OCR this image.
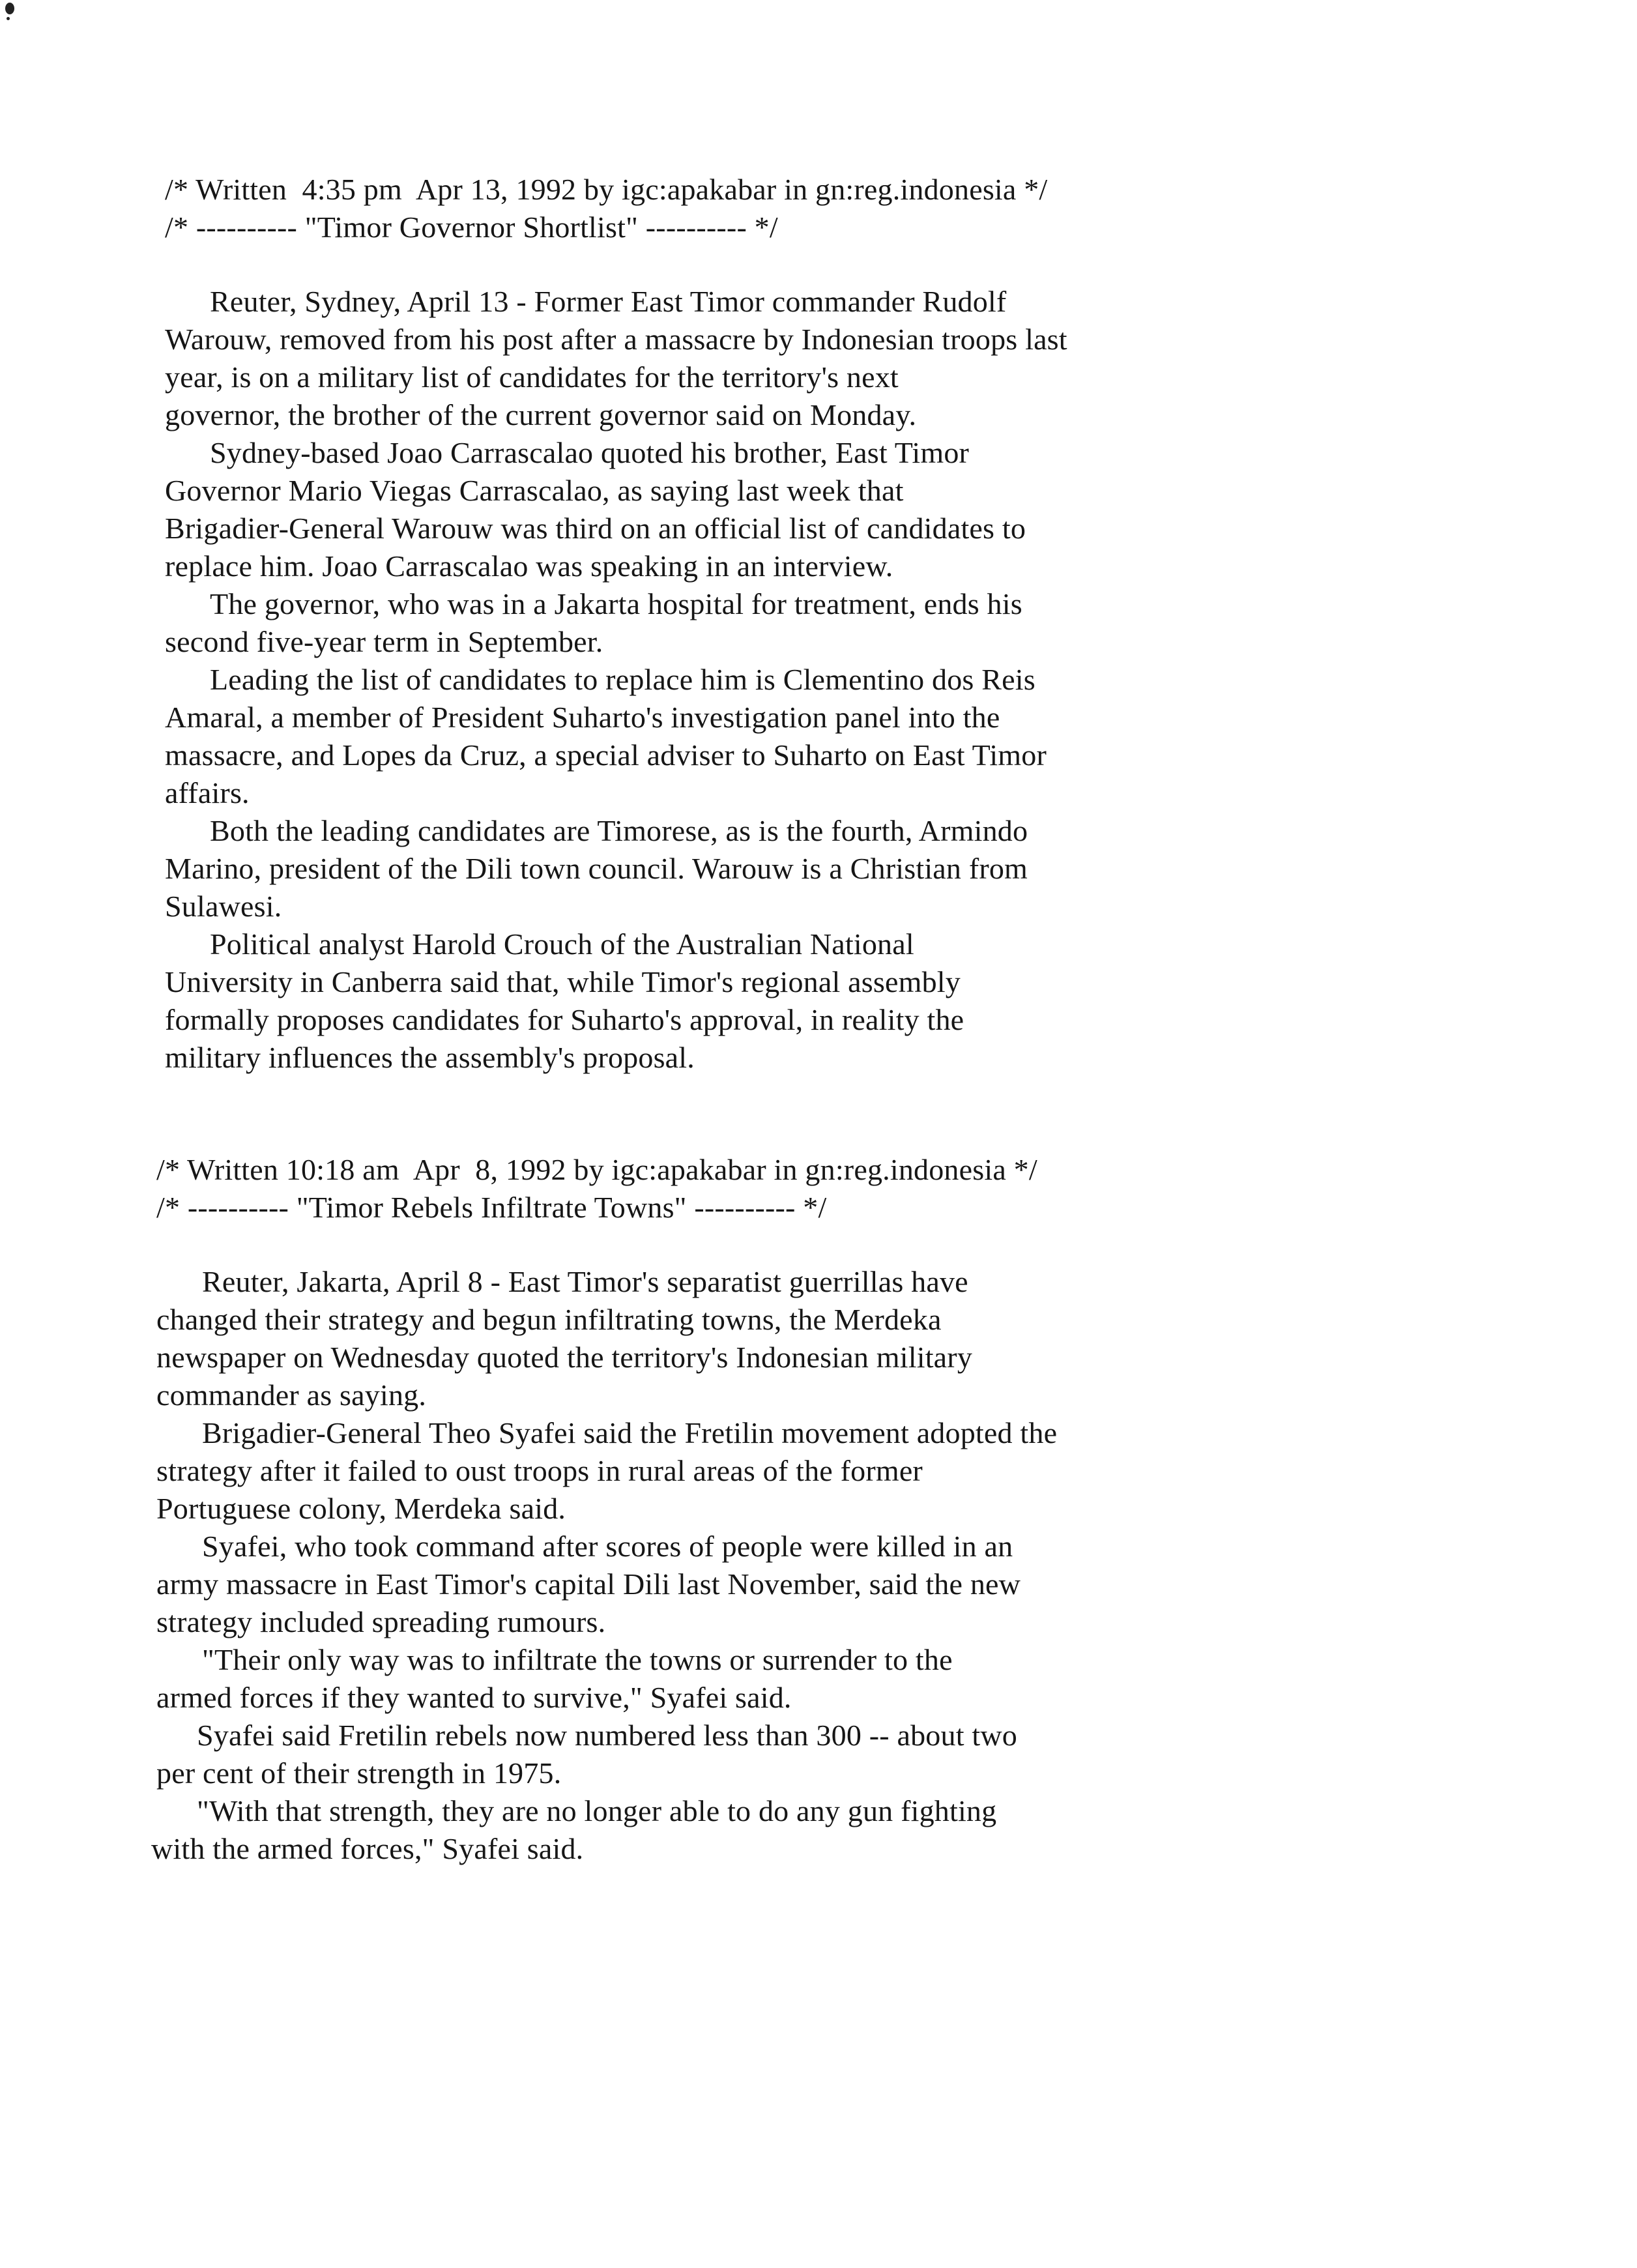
/* Written  4:35 pm  Apr 13, 1992 by igc:apakabar in gn:reg.indonesia */
/* ---------- "Timor Governor Shortlist" ---------- */
Reuter, Sydney, April 13 - Former East Timor commander Rudolf
Warouw, removed from his post after a massacre by Indonesian troops last
year, is on a military list of candidates for the territory's next
governor, the brother of the current governor said on Monday.
Sydney-based Joao Carrascalao quoted his brother, East Timor
Governor Mario Viegas Carrascalao, as saying last week that
Brigadier-General Warouw was third on an official list of candidates to
replace him. Joao Carrascalao was speaking in an interview.
The governor, who was in a Jakarta hospital for treatment, ends his
second five-year term in September.
Leading the list of candidates to replace him is Clementino dos Reis
Amaral, a member of President Suharto's investigation panel into the
massacre, and Lopes da Cruz, a special adviser to Suharto on East Timor
affairs.
Both the leading candidates are Timorese, as is the fourth, Armindo
Marino, president of the Dili town council. Warouw is a Christian from
Sulawesi.
Political analyst Harold Crouch of the Australian National
University in Canberra said that, while Timor's regional assembly
formally proposes candidates for Suharto's approval, in reality the
military influences the assembly's proposal.
/* Written 10:18 am  Apr  8, 1992 by igc:apakabar in gn:reg.indonesia */
/* ---------- "Timor Rebels Infiltrate Towns" ---------- */
Reuter, Jakarta, April 8 - East Timor's separatist guerrillas have
changed their strategy and begun infiltrating towns, the Merdeka
newspaper on Wednesday quoted the territory's Indonesian military
commander as saying.
Brigadier-General Theo Syafei said the Fretilin movement adopted the
strategy after it failed to oust troops in rural areas of the former
Portuguese colony, Merdeka said.
Syafei, who took command after scores of people were killed in an
army massacre in East Timor's capital Dili last November, said the new
strategy included spreading rumours.
"Their only way was to infiltrate the towns or surrender to the
armed forces if they wanted to survive," Syafei said.
Syafei said Fretilin rebels now numbered less than 300 -- about two
per cent of their strength in 1975.
"With that strength, they are no longer able to do any gun fighting
with the armed forces," Syafei said.
